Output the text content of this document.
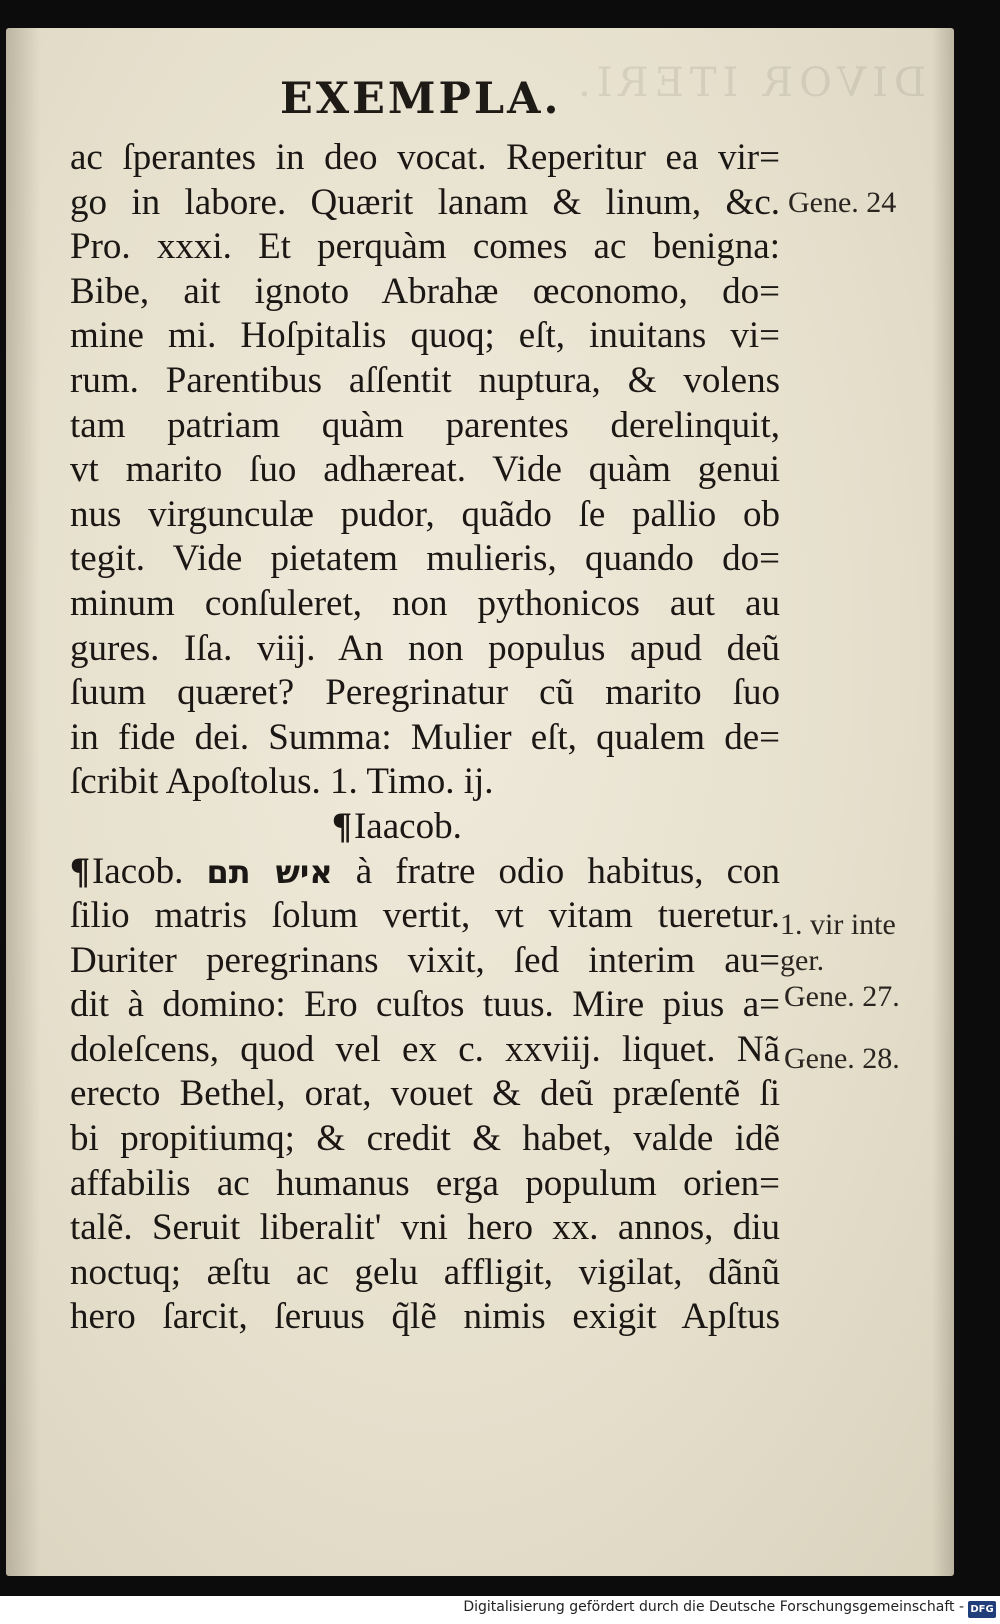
DIVOR ITERI.
EXEMPLA.
ac ſperantes in deo vocat. Reperitur ea vir=
go in labore. Quærit lanam & linum, &c.
Pro. xxxi. Et perquàm comes ac benigna:
Bibe, ait ignoto Abrahæ œconomo, do=
mine mi. Hoſpitalis quoq; eſt, inuitans vi=
rum. Parentibus aſſentit nuptura, & volens
tam patriam quàm parentes derelinquit,
vt marito ſuo adhæreat. Vide quàm genui
nus virgunculæ pudor, quãdo ſe pallio ob
tegit. Vide pietatem mulieris, quando do=
minum conſuleret, non pythonicos aut au
gures. Iſa. viij. An non populus apud deũ
ſuum quæret? Peregrinatur cũ marito ſuo
in fide dei. Summa: Mulier eſt, qualem de=
ſcribit Apoſtolus. 1. Timo. ij.
¶Iaacob.
¶Iacob. איש תם à fratre odio habitus, con
ſilio matris ſolum vertit, vt vitam tueretur.
Duriter peregrinans vixit, ſed interim au=
dit à domino: Ero cuſtos tuus. Mire pius a=
doleſcens, quod vel ex c. xxviij. liquet. Nã
erecto Bethel, orat, vouet & deũ præſentẽ ſi
bi propitiumq; & credit & habet, valde idẽ
affabilis ac humanus erga populum orien=
talẽ. Seruit liberalit' vni hero xx. annos, diu
noctuq; æſtu ac gelu affligit, vigilat, dãnũ
hero ſarcit, ſeruus q̃lẽ nimis exigit Apſtus
Gene. 24
1. vir inte
ger.
Gene. 27.
Gene. 28.
Digitalisierung gefördert durch die Deutsche Forschungsgemeinschaft - DFG
